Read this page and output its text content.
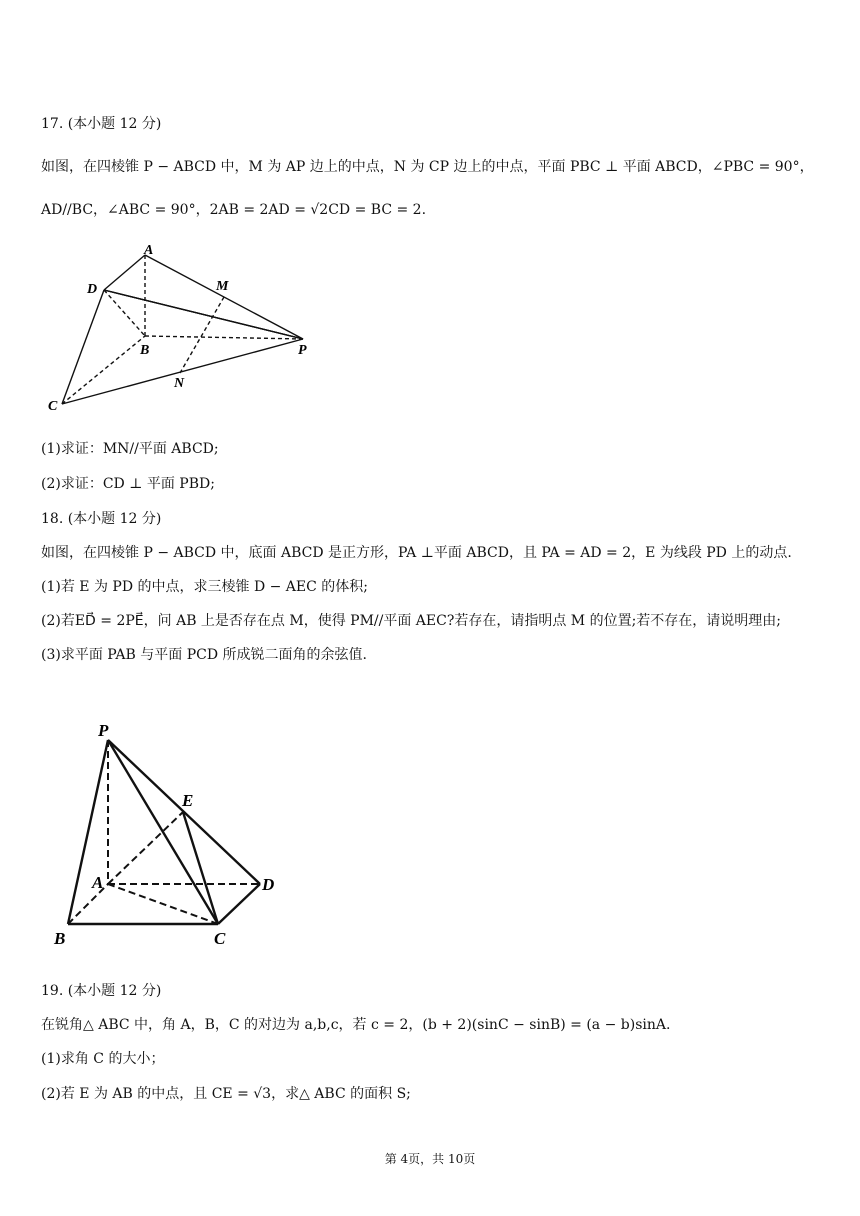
17. (本小题 12 分)
如图，在四棱锥 P − ABCD 中，M 为 AP 边上的中点，N 为 CP 边上的中点，平面 PBC ⊥ 平面 ABCD，∠PBC = 90°，
AD//BC，∠ABC = 90°，2AB = 2AD = √2CD = BC = 2.
A
D	M
B	P
N
C
(1)求证：MN//平面 ABCD;
(2)求证：CD ⊥ 平面 PBD;
18. (本小题 12 分)
如图，在四棱锥 P − ABCD 中，底面 ABCD 是正方形，PA ⊥平面 ABCD，且 PA = AD = 2，E 为线段 PD 上的动点.
(1)若 E 为 PD 的中点，求三棱锥 D − AEC 的体积;
(2)若ED⃗ = 2PE⃗，问 AB 上是否存在点 M，使得 PM//平面 AEC?若存在，请指明点 M 的位置;若不存在，请说明理由;
(3)求平面 PAB 与平面 PCD 所成锐二面角的余弦值.
P
E
A	D
B	C
19. (本小题 12 分)
在锐角△ ABC 中，角 A，B，C 的对边为 a,b,c，若 c = 2，(b + 2)(sinC − sinB) = (a − b)sinA.
(1)求角 C 的大小；
(2)若 E 为 AB 的中点，且 CE = √3，求△ ABC 的面积 S;
第 4页，共 10页
